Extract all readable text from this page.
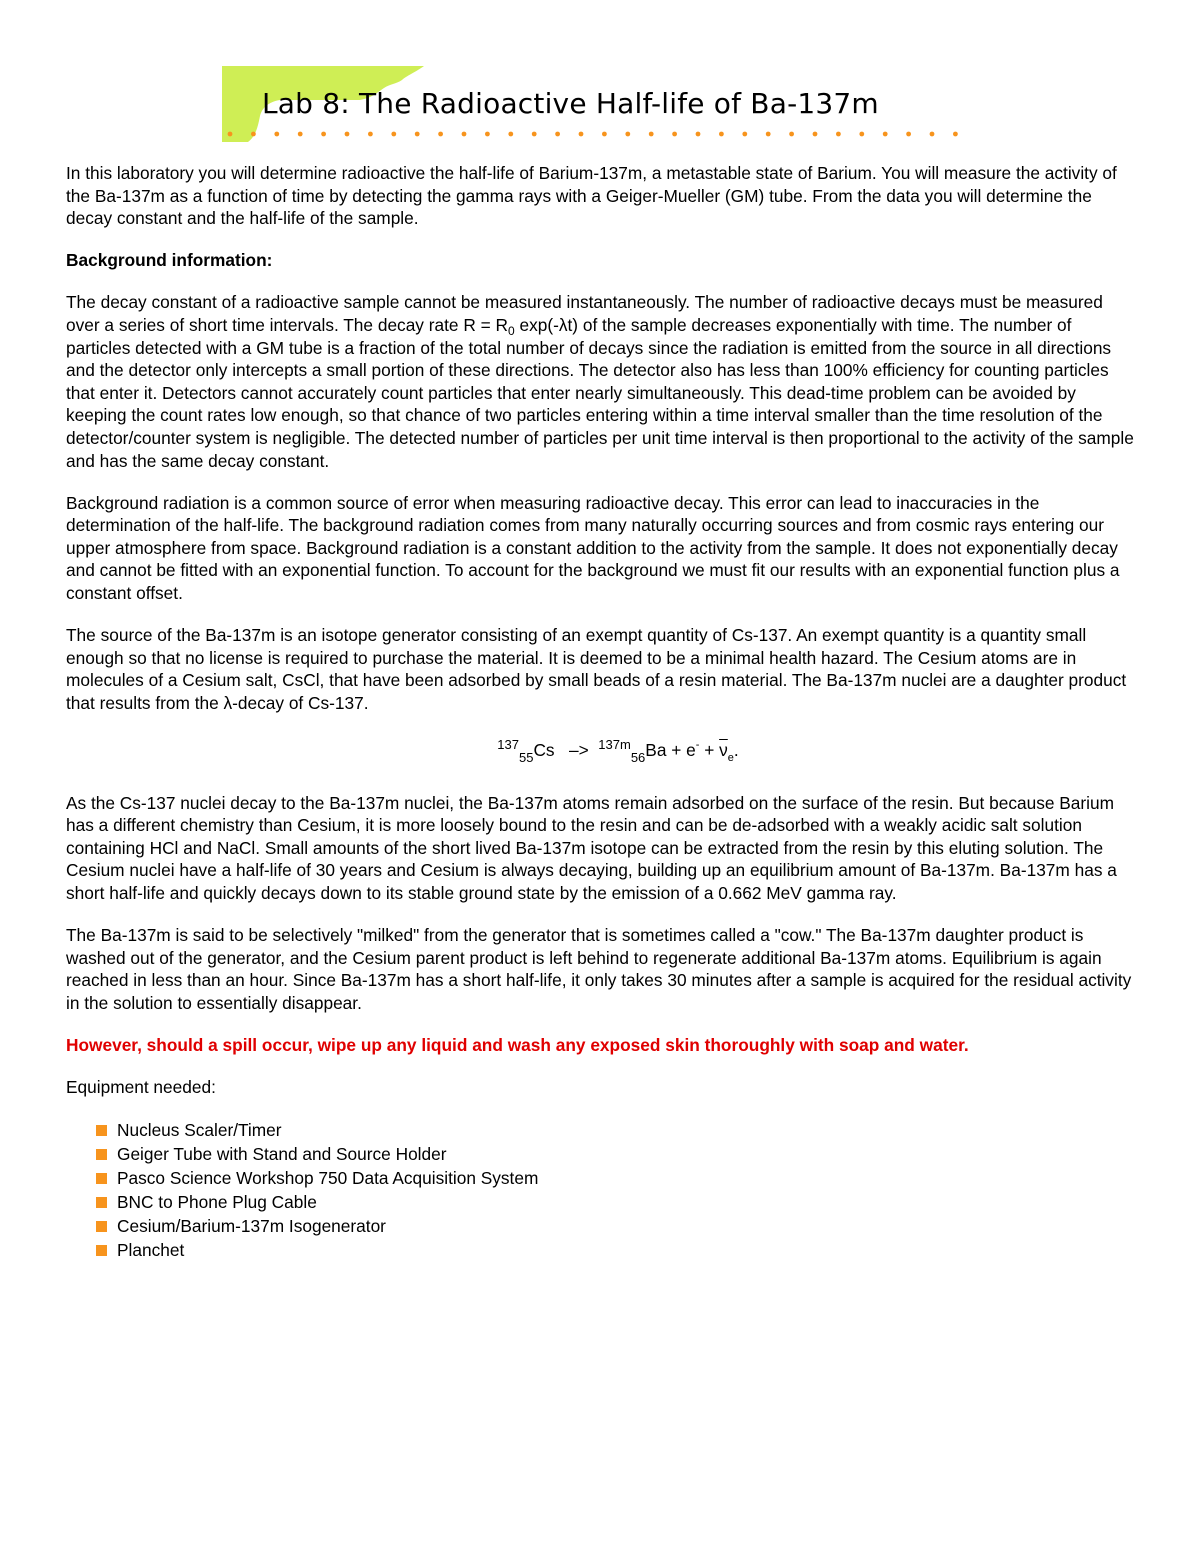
Lab 8: The Radioactive Half-life of Ba-137m

In this laboratory you will determine radioactive the half-life of Barium-137m, a metastable state of Barium. You will measure the activity of the Ba-137m as a function of time by detecting the gamma rays with a Geiger-Mueller (GM) tube. From the data you will determine the decay constant and the half-life of the sample.

Background information:

The decay constant of a radioactive sample cannot be measured instantaneously. The number of radioactive decays must be measured over a series of short time intervals. The decay rate $R = R_0$ exp(-λt) of the sample decreases exponentially with time. The number of particles detected with a GM tube is a fraction of the total number of decays since the radiation is emitted from the source in all directions and the detector only intercepts a small portion of these directions. The detector also has less than 100% efficiency for counting particles that enter it. Detectors cannot accurately count particles that enter nearly simultaneously. This dead-time problem can be avoided by keeping the count rates low enough, so that chance of two particles entering within a time interval smaller than the time resolution of the detector/counter system is negligible. The detected number of particles per unit time interval is then proportional to the activity of the sample and has the same decay constant.

Background radiation is a common source of error when measuring radioactive decay. This error can lead to inaccuracies in the determination of the half-life. The background radiation comes from many naturally occurring sources and from cosmic rays entering our upper atmosphere from space. Background radiation is a constant addition to the activity from the sample. It does not exponentially decay and cannot be fitted with an exponential function. To account for the background we must fit our results with an exponential function plus a constant offset.

The source of the Ba-137m is an isotope generator consisting of an exempt quantity of Cs-137. An exempt quantity is a quantity small enough so that no license is required to purchase the material. It is deemed to be a minimal health hazard. The Cesium atoms are in molecules of a Cesium salt, CsCl, that have been adsorbed by small beads of a resin material. The Ba-137m nuclei are a daughter product that results from the λ-decay of Cs-137.

$^{137}_{55}Cs -> ^{137m}_{56}Ba + e^- + \overline{\nu}_e$.

As the Cs-137 nuclei decay to the Ba-137m nuclei, the Ba-137m atoms remain adsorbed on the surface of the resin. But because Barium has a different chemistry than Cesium, it is more loosely bound to the resin and can be de-adsorbed with a weakly acidic salt solution containing HCl and NaCl. Small amounts of the short lived Ba-137m isotope can be extracted from the resin by this eluting solution. The Cesium nuclei have a half-life of 30 years and Cesium is always decaying, building up an equilibrium amount of Ba-137m. Ba-137m has a short half-life and quickly decays down to its stable ground state by the emission of a 0.662 MeV gamma ray.

The Ba-137m is said to be selectively "milked" from the generator that is sometimes called a "cow." The Ba-137m daughter product is washed out of the generator, and the Cesium parent product is left behind to regenerate additional Ba-137m atoms. Equilibrium is again reached in less than an hour. Since Ba-137m has a short half-life, it only takes 30 minutes after a sample is acquired for the residual activity in the solution to essentially disappear.

However, should a spill occur, wipe up any liquid and wash any exposed skin thoroughly with soap and water.

Equipment needed:

Nucleus Scaler/Timer
Geiger Tube with Stand and Source Holder
Pasco Science Workshop 750 Data Acquisition System
BNC to Phone Plug Cable
Cesium/Barium-137m Isogenerator
Planchet
